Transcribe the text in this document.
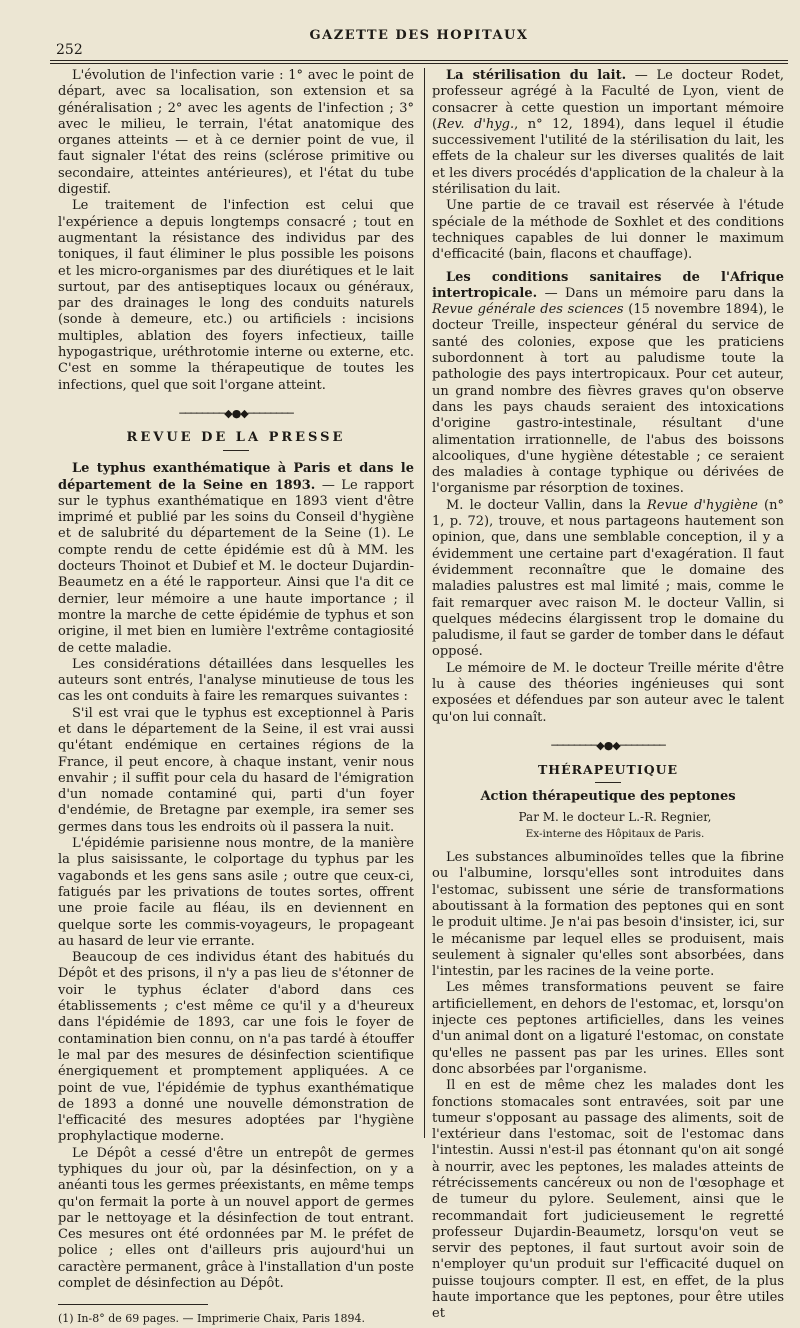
252
GAZETTE DES HOPITAUX

L'évolution de l'infection varie : 1° avec le point de départ, avec sa localisation, son extension et sa généralisation ; 2° avec les agents de l'infection ; 3° avec le milieu, le terrain, l'état anatomique des organes atteints — et à ce dernier point de vue, il faut signaler l'état des reins (sclérose primitive ou secondaire, atteintes antérieures), et l'état du tube digestif.

Le traitement de l'infection est celui que l'expérience a depuis longtemps consacré ; tout en augmentant la résistance des individus par des toniques, il faut éliminer le plus possible les poisons et les micro-organismes par des diurétiques et le lait surtout, par des antiseptiques locaux ou généraux, par des drainages le long des conduits naturels (sonde à demeure, etc.) ou artificiels : incisions multiples, ablation des foyers infectieux, taille hypogastrique, uréthrotomie interne ou externe, etc. C'est en somme la thérapeutique de toutes les infections, quel que soit l'organe atteint.

────────◆●◆────────
REVUE DE LA PRESSE

Le typhus exanthématique à Paris et dans le département de la Seine en 1893. — Le rapport sur le typhus exanthématique en 1893 vient d'être imprimé et publié par les soins du Conseil d'hygiène et de salubrité du département de la Seine (1). Le compte rendu de cette épidémie est dû à MM. les docteurs Thoinot et Dubief et M. le docteur Dujardin-Beaumetz en a été le rapporteur. Ainsi que l'a dit ce dernier, leur mémoire a une haute importance ; il montre la marche de cette épidémie de typhus et son origine, il met bien en lumière l'extrême contagiosité de cette maladie.

Les considérations détaillées dans lesquelles les auteurs sont entrés, l'analyse minutieuse de tous les cas les ont conduits à faire les remarques suivantes :

S'il est vrai que le typhus est exceptionnel à Paris et dans le département de la Seine, il est vrai aussi qu'étant endémique en certaines régions de la France, il peut encore, à chaque instant, venir nous envahir ; il suffit pour cela du hasard de l'émigration d'un nomade contaminé qui, parti d'un foyer d'endémie, de Bretagne par exemple, ira semer ses germes dans tous les endroits où il passera la nuit.

L'épidémie parisienne nous montre, de la manière la plus saisissante, le colportage du typhus par les vagabonds et les gens sans asile ; outre que ceux-ci, fatigués par les privations de toutes sortes, offrent une proie facile au fléau, ils en deviennent en quelque sorte les commis-voyageurs, le propageant au hasard de leur vie errante.

Beaucoup de ces individus étant des habitués du Dépôt et des prisons, il n'y a pas lieu de s'étonner de voir le typhus éclater d'abord dans ces établissements ; c'est même ce qu'il y a d'heureux dans l'épidémie de 1893, car une fois le foyer de contamination bien connu, on n'a pas tardé à étouffer le mal par des mesures de désinfection scientifique énergiquement et promptement appliquées. A ce point de vue, l'épidémie de typhus exanthématique de 1893 a donné une nouvelle démonstration de l'efficacité des mesures adoptées par l'hygiène prophylactique moderne.

Le Dépôt a cessé d'être un entrepôt de germes typhiques du jour où, par la désinfection, on y a anéanti tous les germes préexistants, en même temps qu'on fermait la porte à un nouvel apport de germes par le nettoyage et la désinfection de tout entrant. Ces mesures ont été ordonnées par M. le préfet de police ; elles ont d'ailleurs pris aujourd'hui un caractère permanent, grâce à l'installation d'un poste complet de désinfection au Dépôt.

(1) In-8° de 69 pages. — Imprimerie Chaix, Paris 1894.

La stérilisation du lait. — Le docteur Rodet, professeur agrégé à la Faculté de Lyon, vient de consacrer à cette question un important mémoire (Rev. d'hyg., n° 12, 1894), dans lequel il étudie successivement l'utilité de la stérilisation du lait, les effets de la chaleur sur les diverses qualités de lait et les divers procédés d'application de la chaleur à la stérilisation du lait.

Une partie de ce travail est réservée à l'étude spéciale de la méthode de Soxhlet et des conditions techniques capables de lui donner le maximum d'efficacité (bain, flacons et chauffage).

Les conditions sanitaires de l'Afrique intertropicale. — Dans un mémoire paru dans la Revue générale des sciences (15 novembre 1894), le docteur Treille, inspecteur général du service de santé des colonies, expose que les praticiens subordonnent à tort au paludisme toute la pathologie des pays intertropicaux. Pour cet auteur, un grand nombre des fièvres graves qu'on observe dans les pays chauds seraient des intoxications d'origine gastro-intestinale, résultant d'une alimentation irrationnelle, de l'abus des boissons alcooliques, d'une hygiène détestable ; ce seraient des maladies à contage typhique ou dérivées de l'organisme par résorption de toxines.

M. le docteur Vallin, dans la Revue d'hygiène (n° 1, p. 72), trouve, et nous partageons hautement son opinion, que, dans une semblable conception, il y a évidemment une certaine part d'exagération. Il faut évidemment reconnaître que le domaine des maladies palustres est mal limité ; mais, comme le fait remarquer avec raison M. le docteur Vallin, si quelques médecins élargissent trop le domaine du paludisme, il faut se garder de tomber dans le défaut opposé.

Le mémoire de M. le docteur Treille mérite d'être lu à cause des théories ingénieuses qui sont exposées et défendues par son auteur avec le talent qu'on lui connaît.

────────◆●◆────────
THÉRAPEUTIQUE
Action thérapeutique des peptones

Par M. le docteur L.-R. Regnier,

Ex-interne des Hôpitaux de Paris.

Les substances albuminoïdes telles que la fibrine ou l'albumine, lorsqu'elles sont introduites dans l'estomac, subissent une série de transformations aboutissant à la formation des peptones qui en sont le produit ultime. Je n'ai pas besoin d'insister, ici, sur le mécanisme par lequel elles se produisent, mais seulement à signaler qu'elles sont absorbées, dans l'intestin, par les racines de la veine porte.

Les mêmes transformations peuvent se faire artificiellement, en dehors de l'estomac, et, lorsqu'on injecte ces peptones artificielles, dans les veines d'un animal dont on a ligaturé l'estomac, on constate qu'elles ne passent pas par les urines. Elles sont donc absorbées par l'organisme.

Il en est de même chez les malades dont les fonctions stomacales sont entravées, soit par une tumeur s'opposant au passage des aliments, soit de l'extérieur dans l'estomac, soit de l'estomac dans l'intestin. Aussi n'est-il pas étonnant qu'on ait songé à nourrir, avec les peptones, les malades atteints de rétrécissements cancéreux ou non de l'œsophage et de tumeur du pylore. Seulement, ainsi que le recommandait fort judicieusement le regretté professeur Dujardin-Beaumetz, lorsqu'on veut se servir des peptones, il faut surtout avoir soin de n'employer qu'un produit sur l'efficacité duquel on puisse toujours compter. Il est, en effet, de la plus haute importance que les peptones, pour être utiles et
